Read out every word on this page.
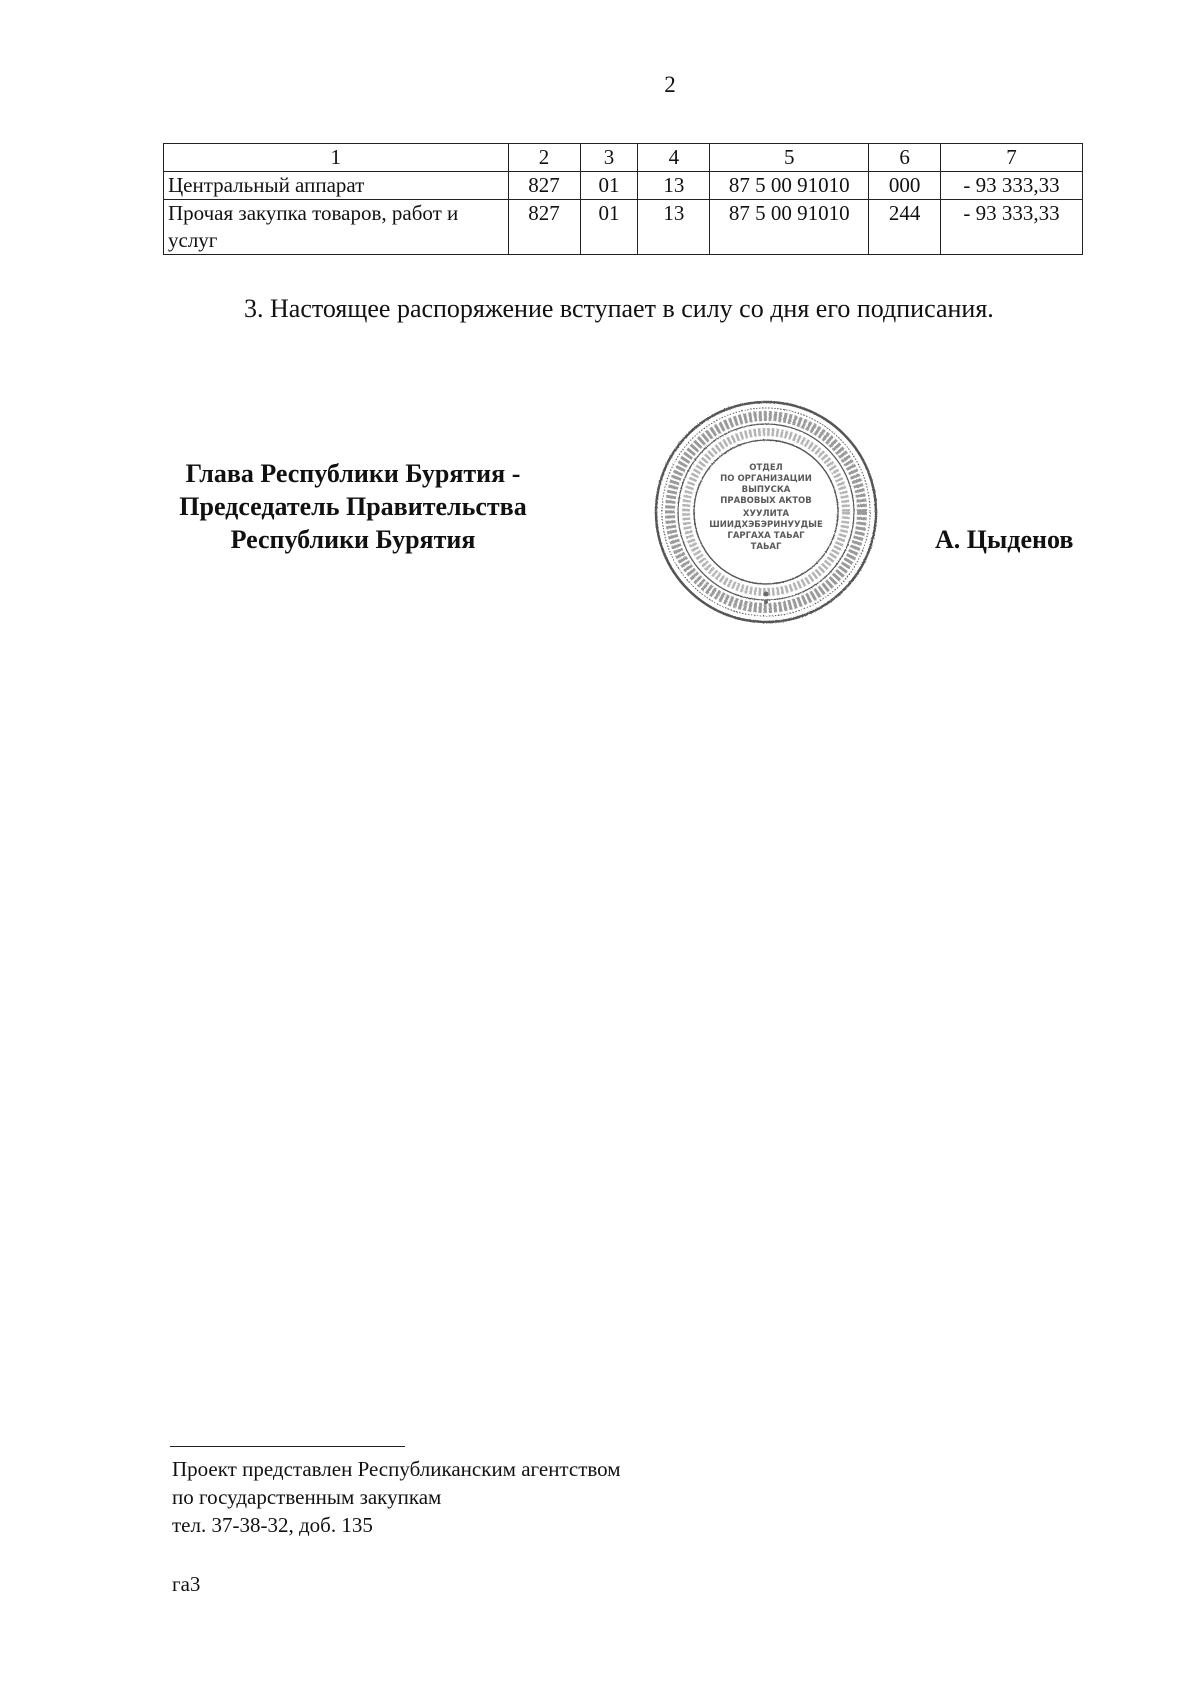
2
1	2	3	4	5	6	7
Центральный аппарат	827	01	13	87 5 00 91010	000	- 93 333,33
Прочая закупка товаров, работ и услуг	827	01	13	87 5 00 91010	244	- 93 333,33
3. Настоящее распоряжение вступает в силу со дня его подписания.
Глава Республики Бурятия -
Председатель Правительства
Республики Бурятия
ОТДЕЛ
ПО ОРГАНИЗАЦИИ
ВЫПУСКА
ПРАВОВЫХ АКТОВ
ХУУЛИТА
ШИИДХЭБЭРИНУУДЫЕ
ГАРГАХА ТАЬАГ
ТАЬАГ	А. Цыденов
Проект представлен Республиканским агентством
по государственным закупкам
тел. 37-38-32, доб. 135
га3
